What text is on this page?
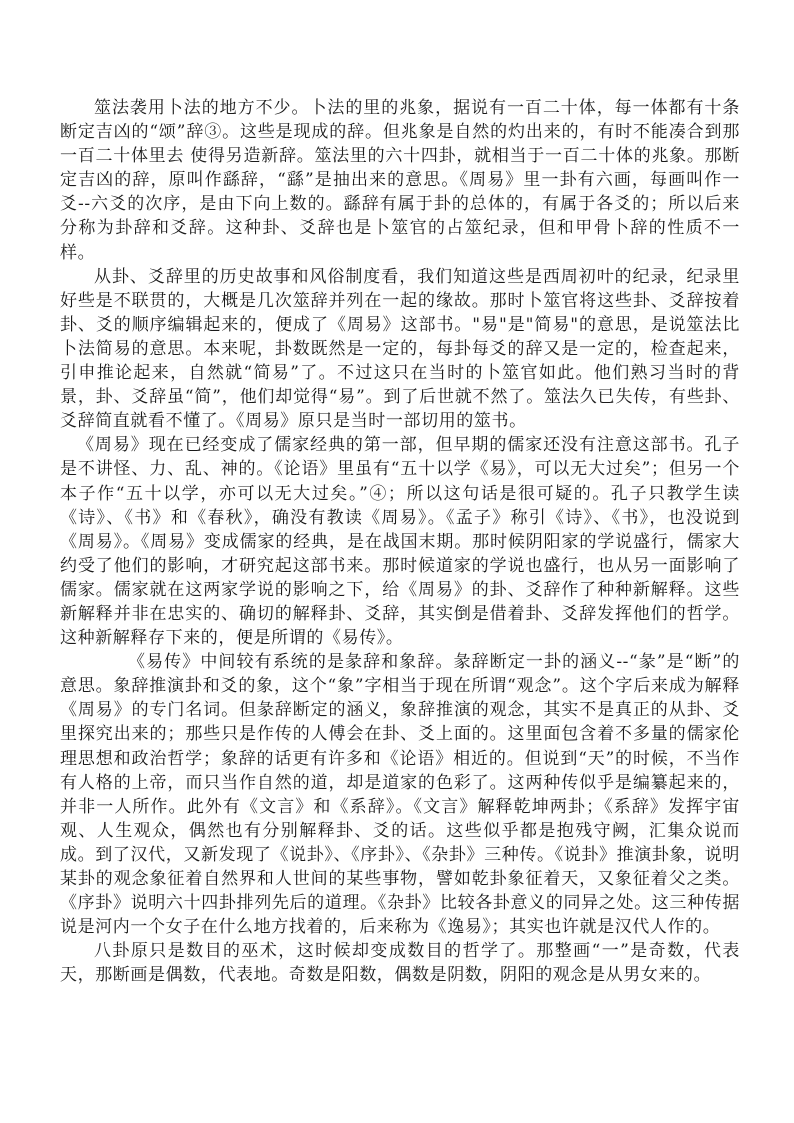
筮法袭用卜法的地方不少。卜法的里的兆象，据说有一百二十体，每一体都有十条断定吉凶的“颂”辞③。这些是现成的辞。但兆象是自然的灼出来的，有时不能凑合到那一百二十体里去 使得另造新辞。筮法里的六十四卦，就相当于一百二十体的兆象。那断定吉凶的辞，原叫作繇辞，“繇”是抽出来的意思。《周易》里一卦有六画，每画叫作一爻--六爻的次序，是由下向上数的。繇辞有属于卦的总体的，有属于各爻的；所以后来分称为卦辞和爻辞。这种卦、爻辞也是卜筮官的占筮纪录，但和甲骨卜辞的性质不一样。

从卦、爻辞里的历史故事和风俗制度看，我们知道这些是西周初叶的纪录，纪录里好些是不联贯的，大概是几次筮辞并列在一起的缘故。那时卜筮官将这些卦、爻辞按着卦、爻的顺序编辑起来的，便成了《周易》这部书。"易"是"简易"的意思，是说筮法比卜法简易的意思。本来呢，卦数既然是一定的，每卦每爻的辞又是一定的，检查起来，引申推论起来，自然就“简易”了。不过这只在当时的卜筮官如此。他们熟习当时的背景，卦、爻辞虽“简”，他们却觉得“易”。到了后世就不然了。筮法久已失传，有些卦、爻辞简直就看不懂了。《周易》原只是当时一部切用的筮书。

《周易》现在已经变成了儒家经典的第一部，但早期的儒家还没有注意这部书。孔子是不讲怪、力、乱、神的。《论语》里虽有“五十以学《易》，可以无大过矣”；但另一个本子作“五十以学，亦可以无大过矣。”④；所以这句话是很可疑的。孔子只教学生读《诗》、《书》和《春秋》，确没有教读《周易》。《孟子》称引《诗》、《书》，也没说到《周易》。《周易》变成儒家的经典，是在战国末期。那时候阴阳家的学说盛行，儒家大约受了他们的影响，才研究起这部书来。那时候道家的学说也盛行，也从另一面影响了儒家。儒家就在这两家学说的影响之下，给《周易》的卦、爻辞作了种种新解释。这些新解释并非在忠实的、确切的解释卦、爻辞，其实倒是借着卦、爻辞发挥他们的哲学。这种新解释存下来的，便是所谓的《易传》。

《易传》中间较有系统的是彖辞和象辞。彖辞断定一卦的涵义--“彖”是“断”的意思。象辞推演卦和爻的象，这个“象”字相当于现在所谓“观念”。这个字后来成为解释《周易》的专门名词。但彖辞断定的涵义，象辞推演的观念，其实不是真正的从卦、爻里探究出来的；那些只是作传的人傅会在卦、爻上面的。这里面包含着不多量的儒家伦理思想和政治哲学；象辞的话更有许多和《论语》相近的。但说到“天”的时候，不当作有人格的上帝，而只当作自然的道，却是道家的色彩了。这两种传似乎是编纂起来的，并非一人所作。此外有《文言》和《系辞》。《文言》解释乾坤两卦；《系辞》发挥宇宙观、人生观众，偶然也有分别解释卦、爻的话。这些似乎都是抱残守阙，汇集众说而成。到了汉代，又新发现了《说卦》、《序卦》、《杂卦》三种传。《说卦》推演卦象，说明某卦的观念象征着自然界和人世间的某些事物，譬如乾卦象征着天，又象征着父之类。《序卦》说明六十四卦排列先后的道理。《杂卦》比较各卦意义的同异之处。这三种传据说是河内一个女子在什么地方找着的，后来称为《逸易》；其实也许就是汉代人作的。

八卦原只是数目的巫术，这时候却变成数目的哲学了。那整画“一”是奇数，代表天，那断画是偶数，代表地。奇数是阳数，偶数是阴数，阴阳的观念是从男女来的。
